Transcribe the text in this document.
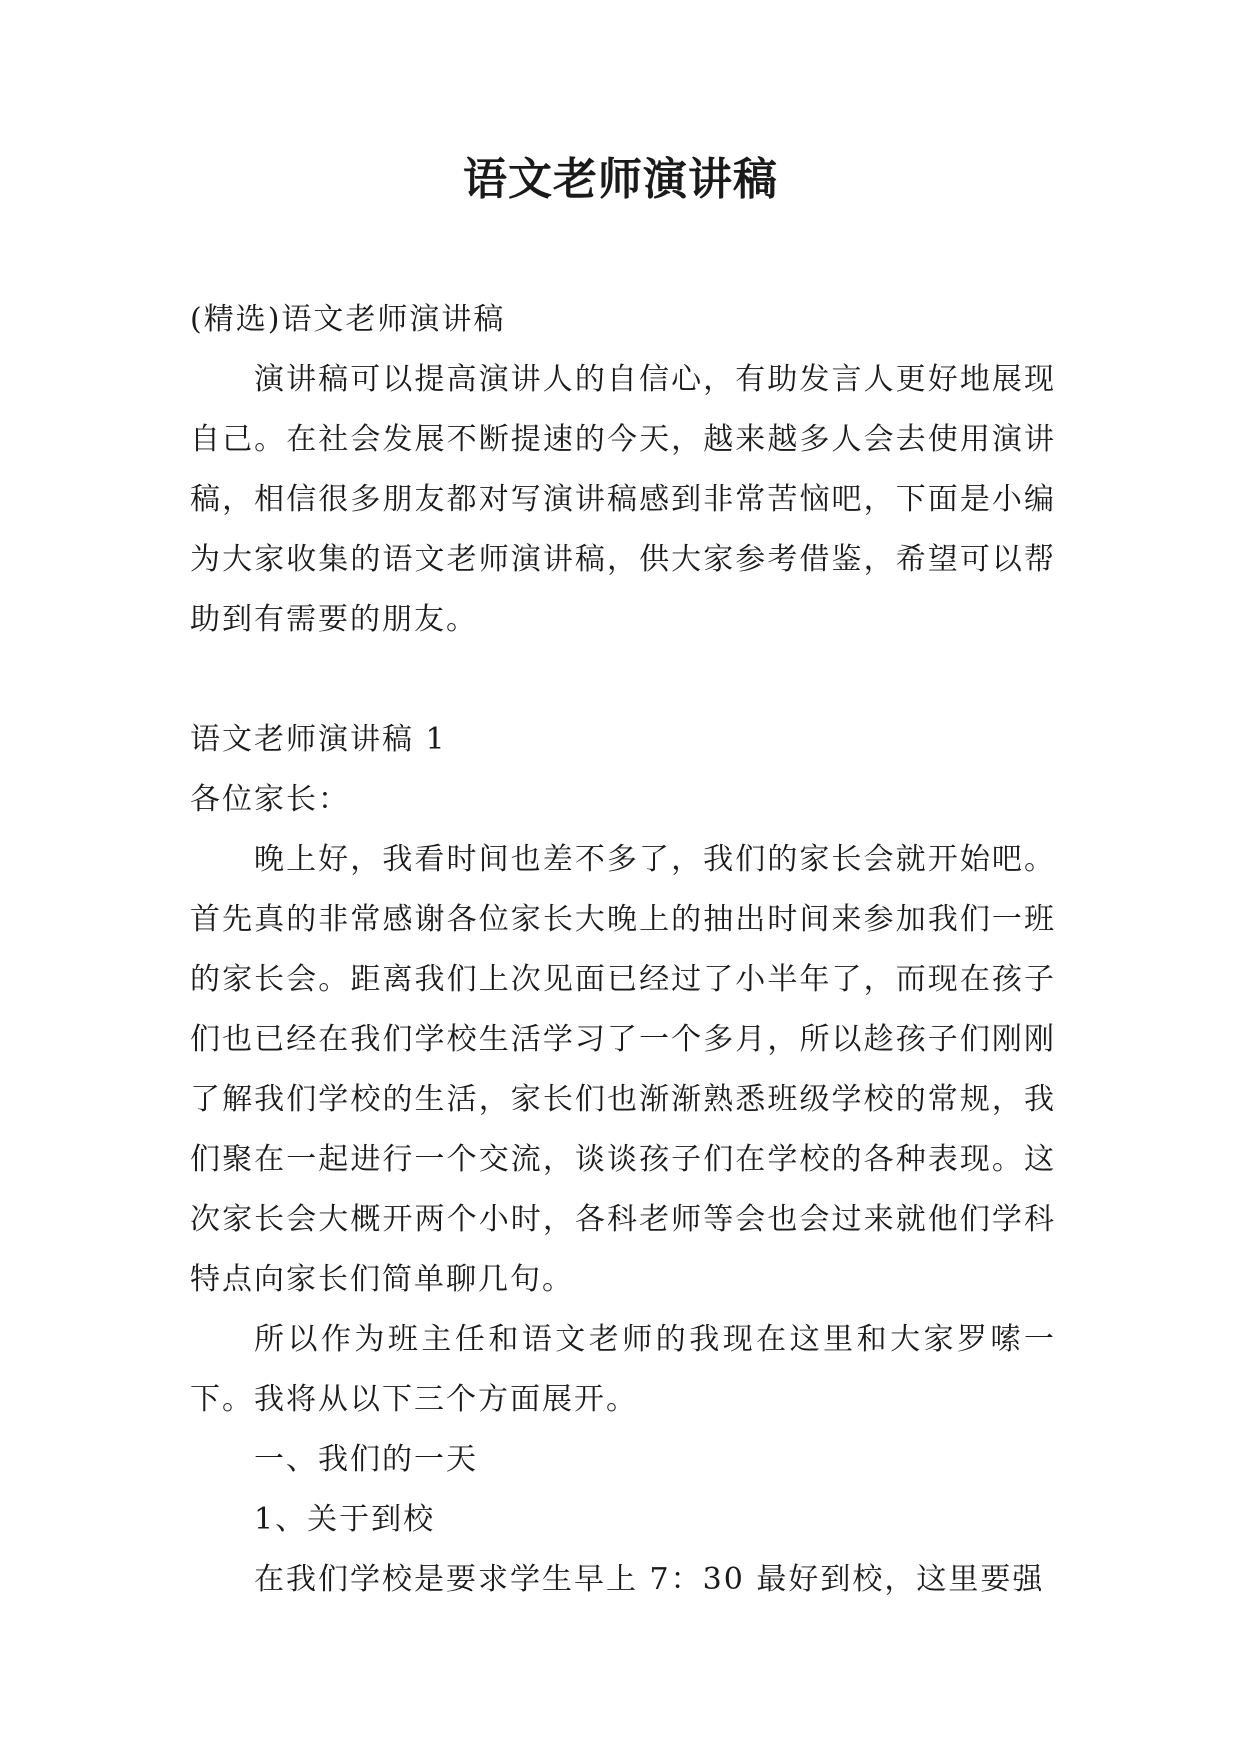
语文老师演讲稿

(精选)语文老师演讲稿

演讲稿可以提高演讲人的自信心，有助发言人更好地展现自己。在社会发展不断提速的今天，越来越多人会去使用演讲稿，相信很多朋友都对写演讲稿感到非常苦恼吧，下面是小编为大家收集的语文老师演讲稿，供大家参考借鉴，希望可以帮助到有需要的朋友。

语文老师演讲稿 1

各位家长：

晚上好，我看时间也差不多了，我们的家长会就开始吧。首先真的非常感谢各位家长大晚上的抽出时间来参加我们一班的家长会。距离我们上次见面已经过了小半年了，而现在孩子们也已经在我们学校生活学习了一个多月，所以趁孩子们刚刚了解我们学校的生活，家长们也渐渐熟悉班级学校的常规，我们聚在一起进行一个交流，谈谈孩子们在学校的各种表现。这次家长会大概开两个小时，各科老师等会也会过来就他们学科特点向家长们简单聊几句。

所以作为班主任和语文老师的我现在这里和大家罗嗦一下。我将从以下三个方面展开。

一、我们的一天

1、关于到校

在我们学校是要求学生早上 7：30 最好到校，这里要强
